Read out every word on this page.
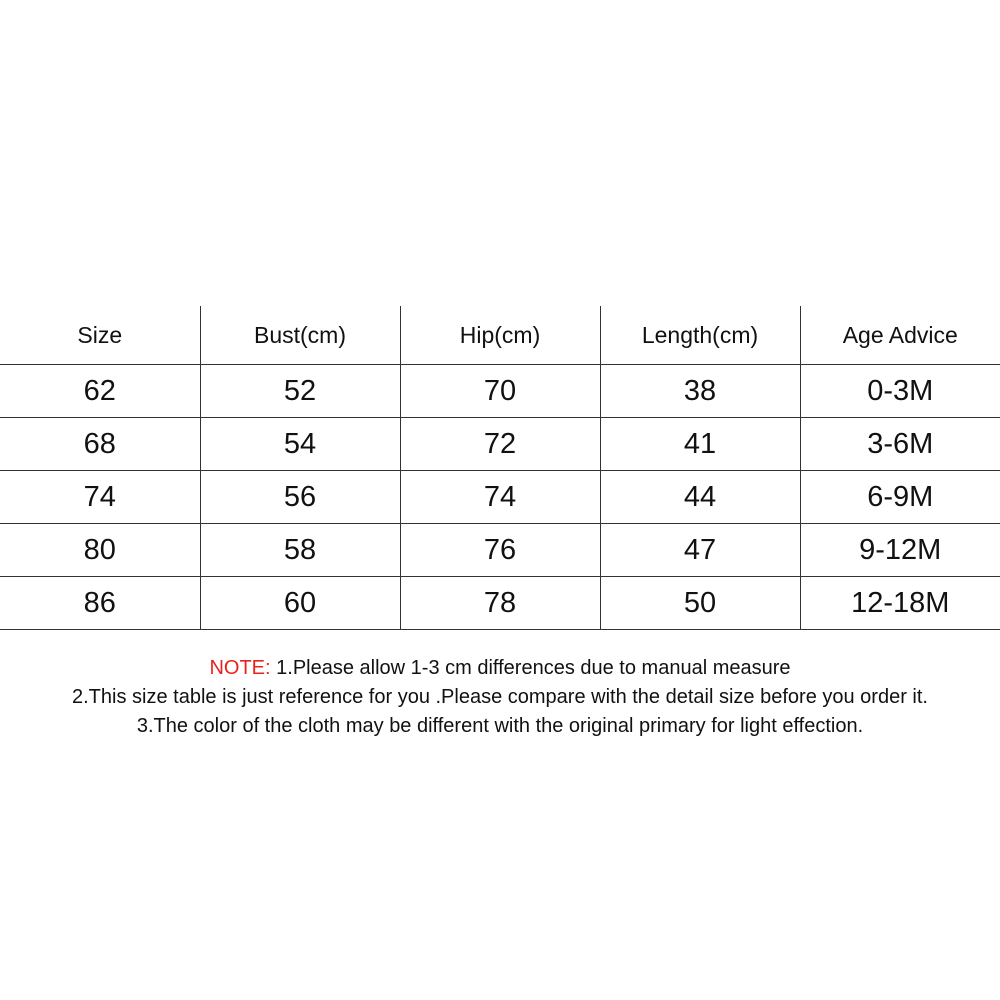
Size	Bust(cm)	Hip(cm)	Length(cm)	Age Advice
62	52	70	38	0-3M
68	54	72	41	3-6M
74	56	74	44	6-9M
80	58	76	47	9-12M
86	60	78	50	12-18M
NOTE: 1.Please allow 1-3 cm differences due to manual measure
2.This size table is just reference for you .Please compare with the detail size before you order it.
3.The color of the cloth may be different with the original primary for light effection.
